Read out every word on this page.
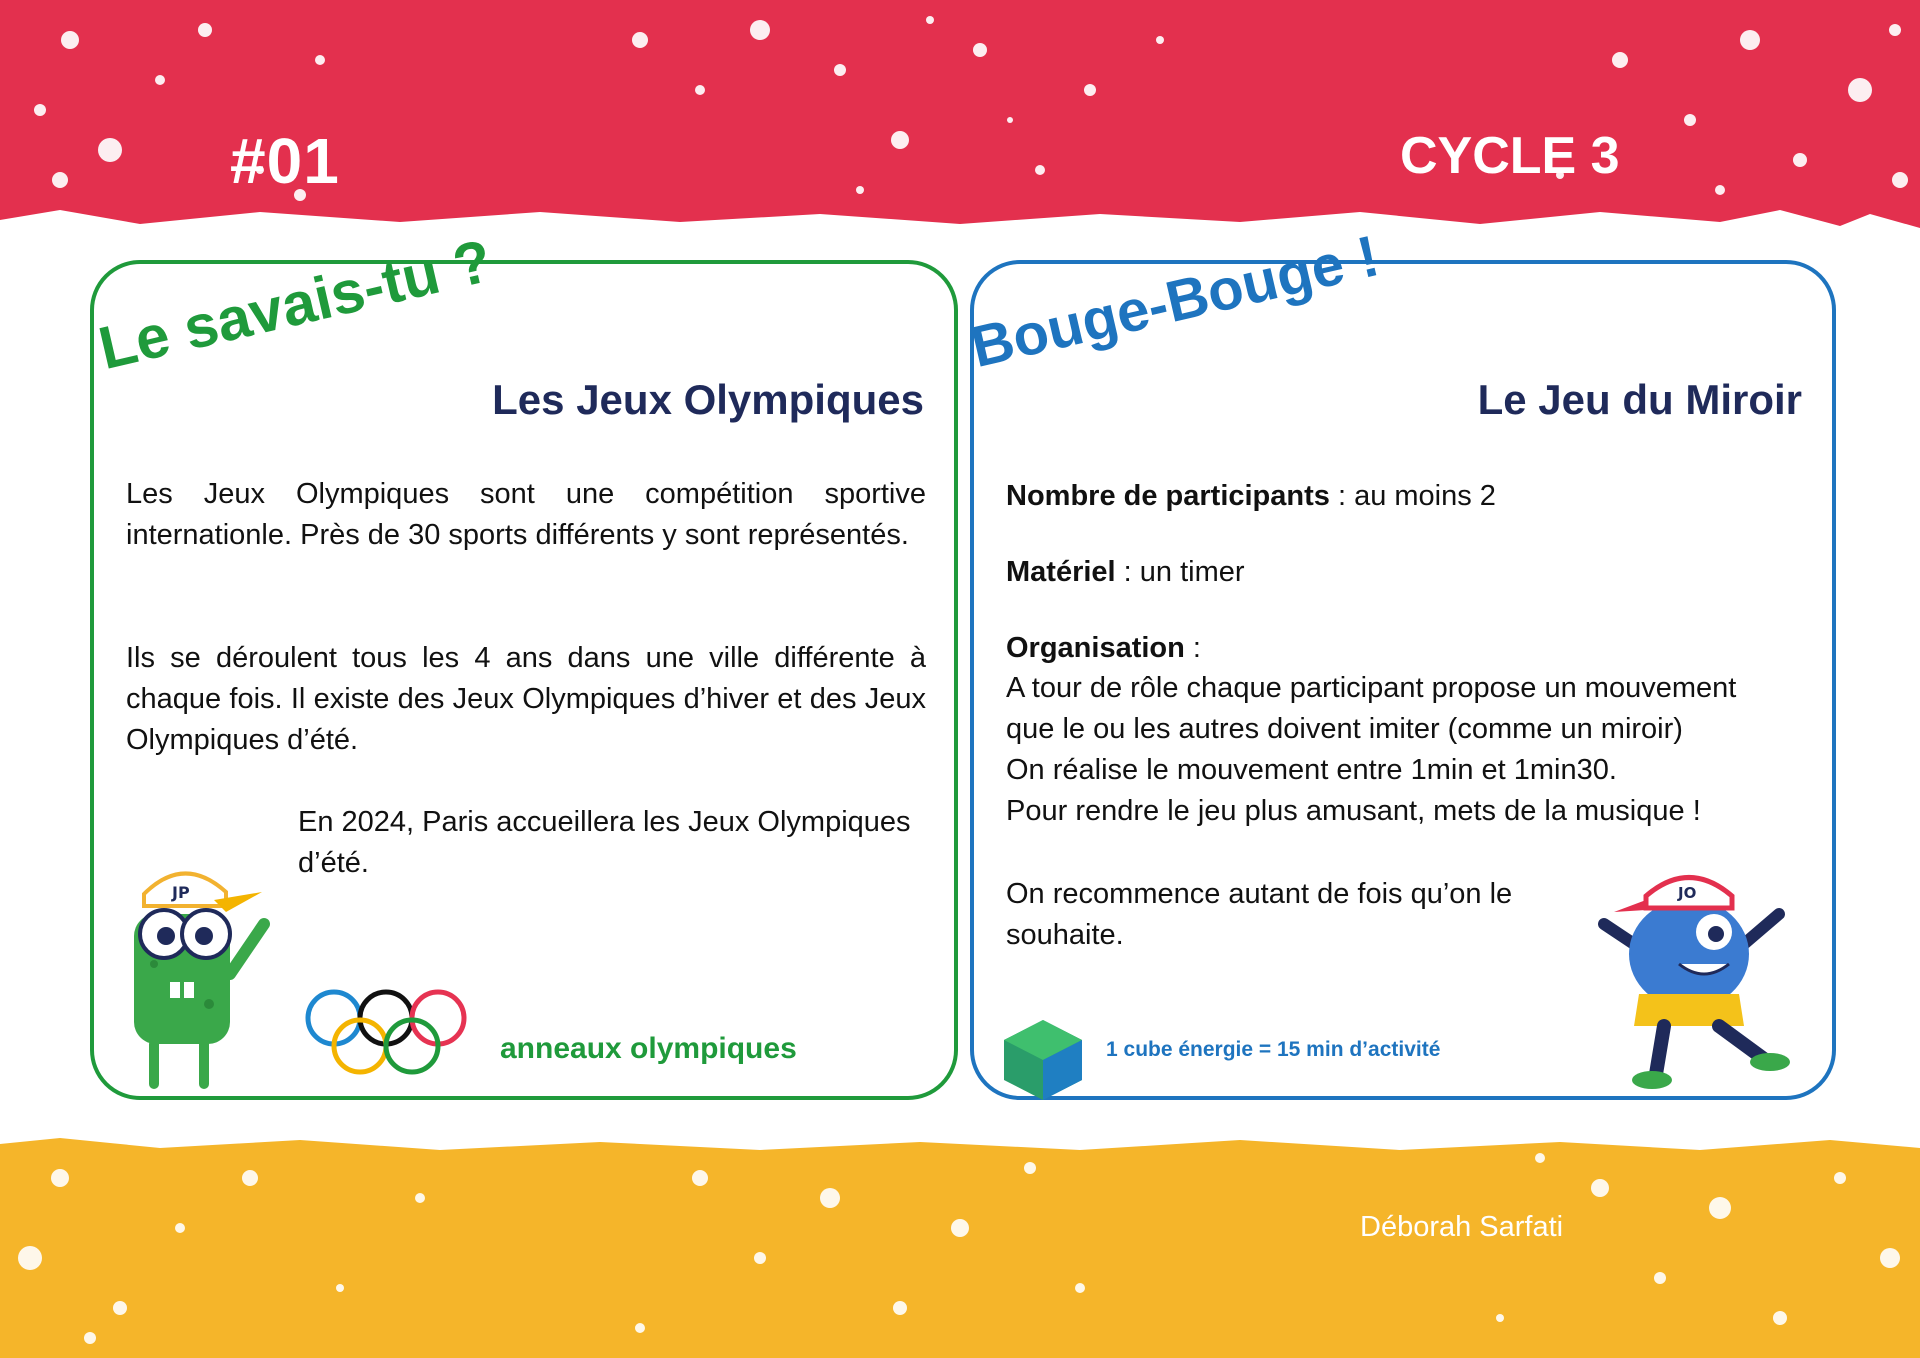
#01	CYCLE 3
Le savais-tu ?
Les Jeux Olympiques
Les Jeux Olympiques sont une compétition sportive internationle. Près de 30 sports différents y sont représentés.
Ils se déroulent tous les 4 ans dans une ville différente à chaque fois. Il existe des Jeux Olympiques d’hiver et des Jeux Olympiques d’été.
En 2024, Paris accueillera les Jeux Olympiques d’été.
JP
anneaux olympiques
Bouge-Bouge !
Le Jeu du Miroir
Nombre de participants : au moins 2
Matériel : un timer
Organisation :
A tour de rôle chaque participant propose un mouvement
que le ou les autres doivent imiter (comme un miroir)
On réalise le mouvement entre 1min et 1min30.
Pour rendre le jeu plus amusant, mets de la musique !
On recommence autant de fois qu’on le souhaite.
1 cube énergie = 15 min d’activité
JO
Déborah Sarfati
